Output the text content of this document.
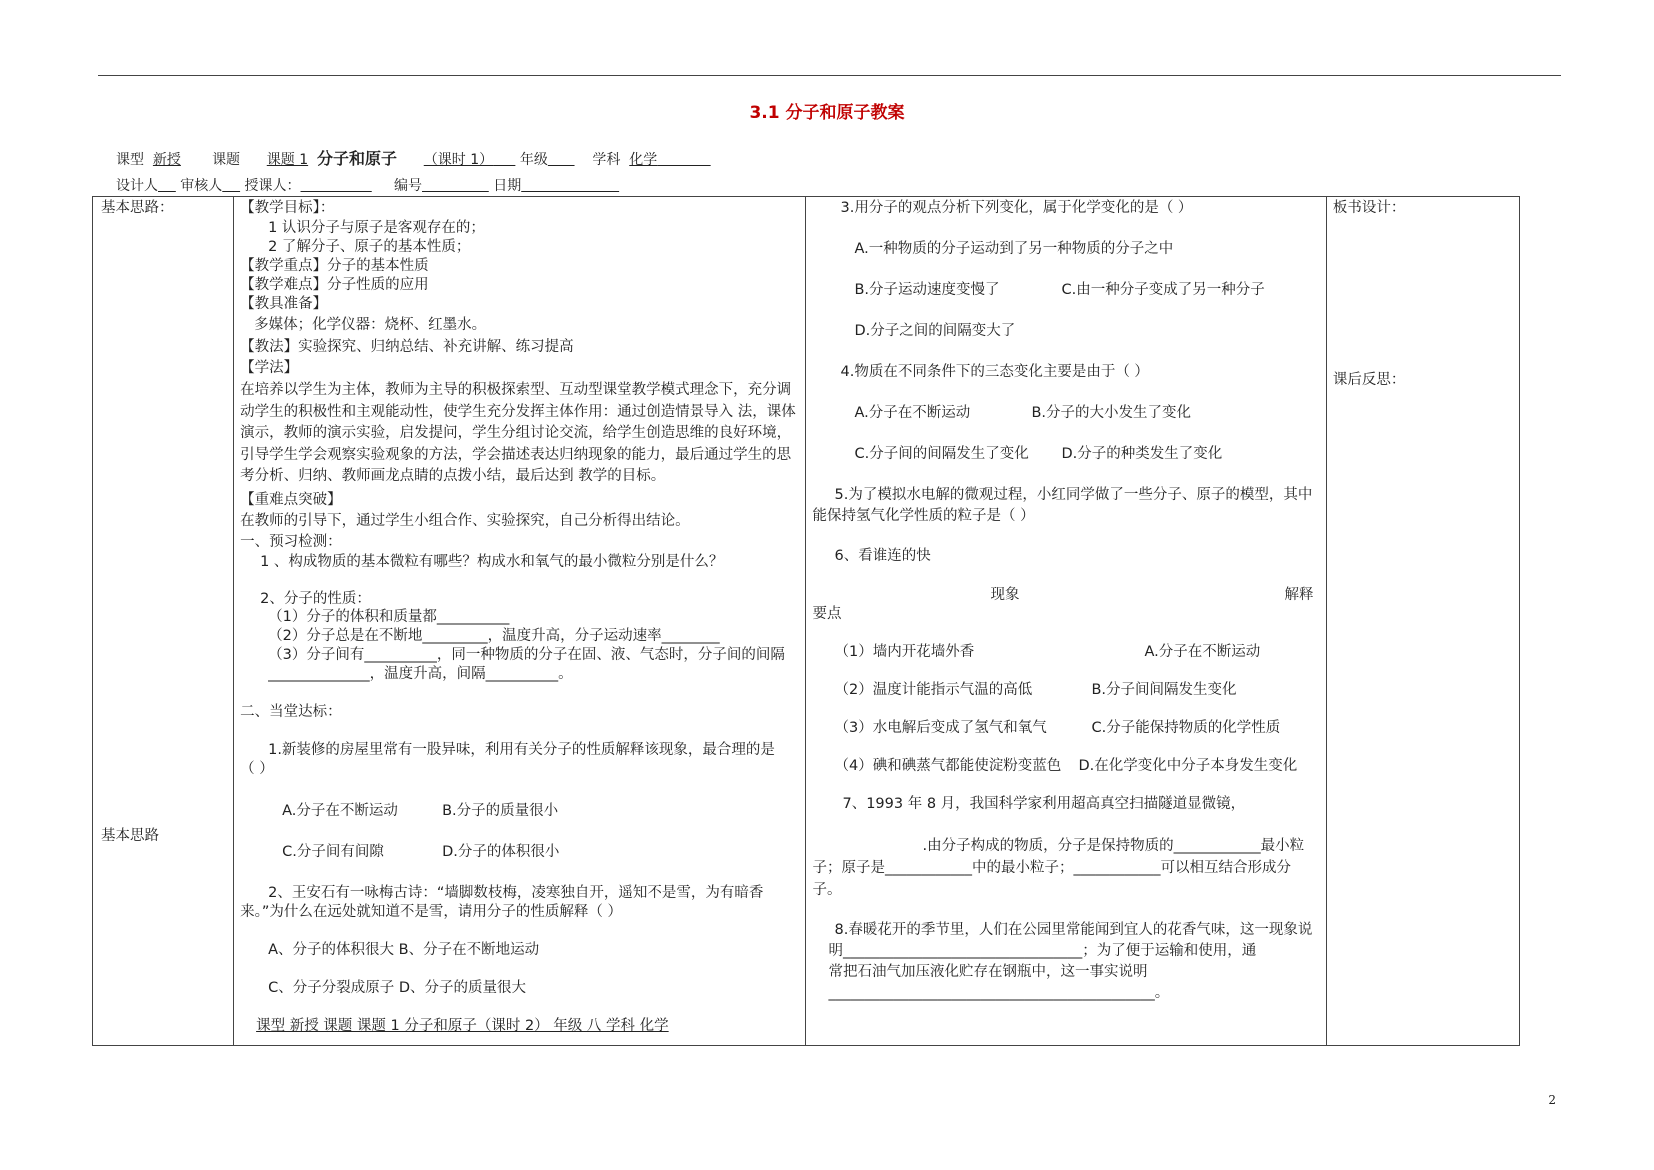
3.1 分子和原子教案
课型 新授 课题 课题 1 分子和原子 （课时 1） 年级	学科 化学
设计人 审核人 授课人：	编号	日期
基本思路：
基本思路

【教学目标】：
1 认识分子与原子是客观存在的；
2 了解分子、原子的基本性质；
【教学重点】分子的基本性质
【教学难点】分子性质的应用
【教具准备】
多媒体；化学仪器：烧杯、红墨水。
【教法】实验探究、归纳总结、补充讲解、练习提高
【学法】
在培养以学生为主体，教师为主导的积极探索型、互动型课堂教学模式理念下，充分调动学生的积极性和主观能动性，使学生充分发挥主体作用：通过创造情景导入 法，课体演示，教师的演示实验，启发提问，学生分组讨论交流，给学生创造思维的良好环境，引导学生学会观察实验观象的方法，学会描述表达归纳现象的能力，最后通过学生的思考分析、归纳、教师画龙点睛的点拨小结，最后达到 教学的目标。
【重难点突破】
在教师的引导下，通过学生小组合作、实验探究，自己分析得出结论。
一、预习检测：
1 、构成物质的基本微粒有哪些？构成水和氧气的最小微粒分别是什么？
2、分子的性质：
（1）分子的体积和质量都__________
（2）分子总是在不断地_________，温度升高，分子运动速率________
（3）分子间有__________，同一种物质的分子在固、液、气态时，分子间的间隔
______________，温度升高，间隔__________。
二、当堂达标：
1.新装修的房屋里常有一股异味，利用有关分子的性质解释该现象，最合理的是
（ ）
A.分子在不断运动	B.分子的质量很小
C.分子间有间隙	D.分子的体积很小
2、王安石有一咏梅古诗：“墙脚数枝梅，凌寒独自开，遥知不是雪，为有暗香
来。”为什么在远处就知道不是雪，请用分子的性质解释（ ）
A、分子的体积很大 B、分子在不断地运动
C、分子分裂成原子 D、分子的质量很大
课型 新授 课题 课题 1 分子和原子（课时 2） 年级 八 学科 化学

3.用分子的观点分析下列变化，属于化学变化的是（ ）
A.一种物质的分子运动到了另一种物质的分子之中
B.分子运动速度变慢了	C.由一种分子变成了另一种分子
D.分子之间的间隔变大了
4.物质在不同条件下的三态变化主要是由于（ ）
A.分子在不断运动	B.分子的大小发生了变化
C.分子间的间隔发生了变化 D.分子的种类发生了变化
5.为了模拟水电解的微观过程，小红同学做了一些分子、原子的模型，其中
能保持氢气化学性质的粒子是（ ）
6、看谁连的快
现象	解释
要点
（1）墙内开花墙外香	A.分子在不断运动
（2）温度计能指示气温的高低	B.分子间间隔发生变化
（3）水电解后变成了氢气和氧气	C.分子能保持物质的化学性质
（4）碘和碘蒸气都能使淀粉变蓝色 D.在化学变化中分子本身发生变化
7、1993 年 8 月，我国科学家利用超高真空扫描隧道显微镜，
.由分子构成的物质，分子是保持物质的____________最小粒
子；原子是____________中的最小粒子；____________可以相互结合形成分
子。
8.春暖花开的季节里，人们在公园里常能闻到宜人的花香气味，这一现象说
明_________________________________；为了便于运输和使用，通
常把石油气加压液化贮存在钢瓶中，这一事实说明
_____________________________________________。

板书设计：
课后反思：
2
